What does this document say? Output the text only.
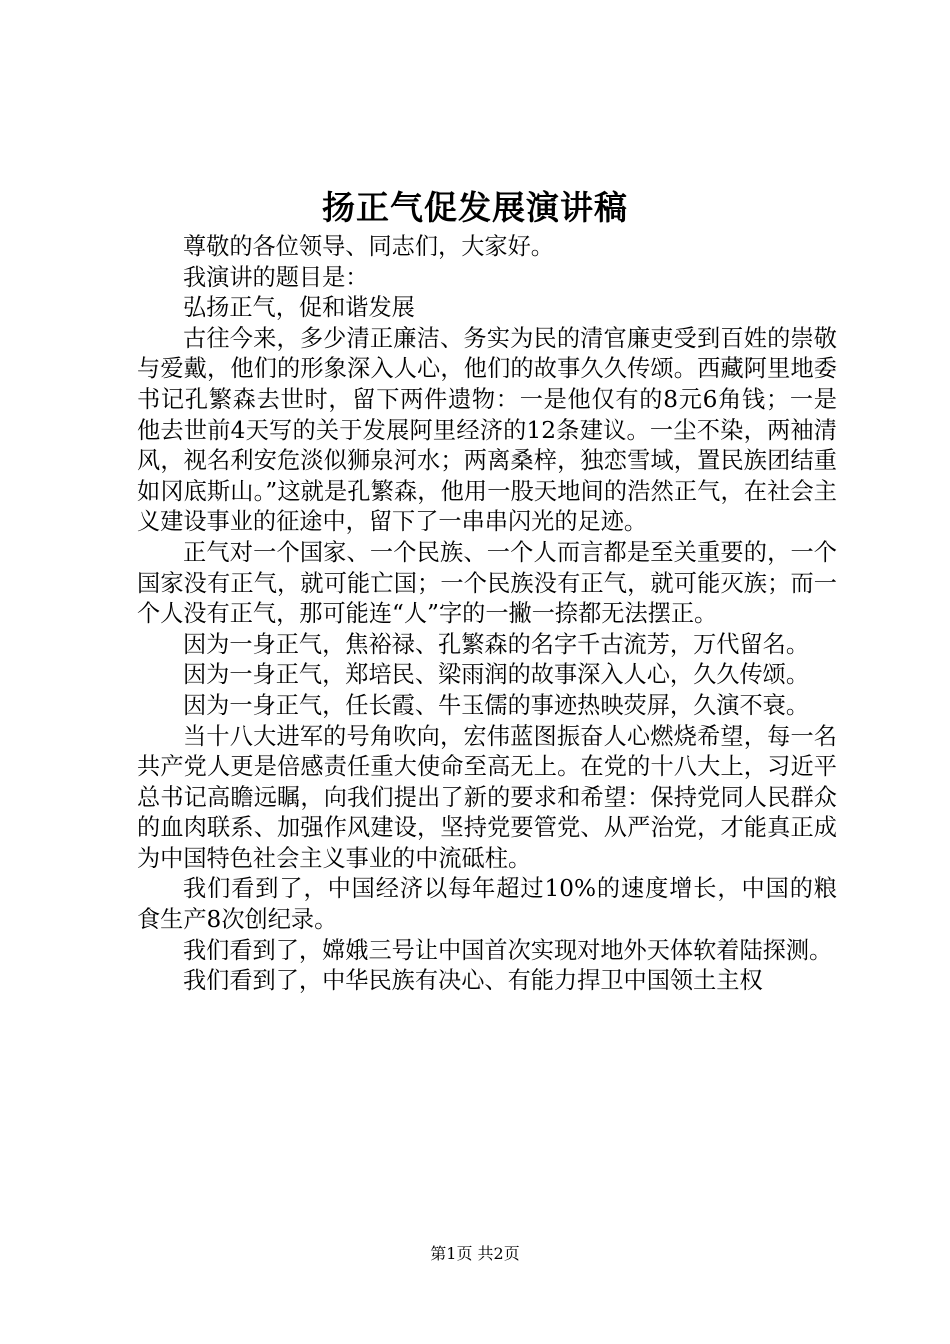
扬正气促发展演讲稿

尊敬的各位领导、同志们，大家好。

我演讲的题目是：

弘扬正气，促和谐发展

古往今来，多少清正廉洁、务实为民的清官廉吏受到百姓的崇敬与爱戴，他们的形象深入人心，他们的故事久久传颂。西藏阿里地委书记孔繁森去世时，留下两件遗物：一是他仅有的8元6角钱；一是他去世前4天写的关于发展阿里经济的12条建议。一尘不染，两袖清风，视名利安危淡似狮泉河水；两离桑梓，独恋雪域，置民族团结重如冈底斯山。”这就是孔繁森，他用一股天地间的浩然正气，在社会主义建设事业的征途中，留下了一串串闪光的足迹。

正气对一个国家、一个民族、一个人而言都是至关重要的，一个国家没有正气，就可能亡国；一个民族没有正气，就可能灭族；而一个人没有正气，那可能连“人”字的一撇一捺都无法摆正。

因为一身正气，焦裕禄、孔繁森的名字千古流芳，万代留名。

因为一身正气，郑培民、梁雨润的故事深入人心，久久传颂。

因为一身正气，任长霞、牛玉儒的事迹热映荧屏，久演不衰。

当十八大进军的号角吹向，宏伟蓝图振奋人心燃烧希望，每一名共产党人更是倍感责任重大使命至高无上。在党的十八大上，习近平总书记高瞻远瞩，向我们提出了新的要求和希望：保持党同人民群众的血肉联系、加强作风建设，坚持党要管党、从严治党，才能真正成为中国特色社会主义事业的中流砥柱。

我们看到了，中国经济以每年超过10%的速度增长，中国的粮食生产8次创纪录。

我们看到了，嫦娥三号让中国首次实现对地外天体软着陆探测。

我们看到了，中华民族有决心、有能力捍卫中国领土主权

第1页 共2页
